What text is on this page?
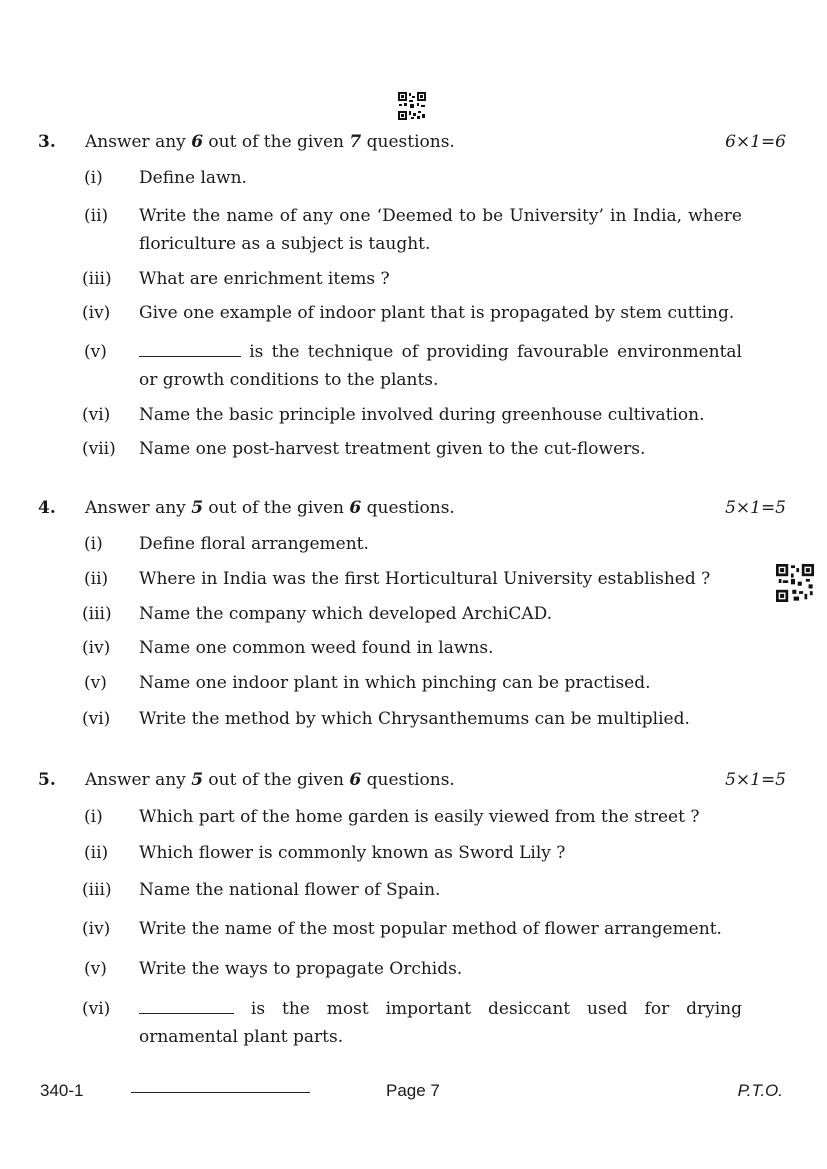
3. Answer any 6 out of the given 7 questions.	6×1=6
(i) Define lawn.
(ii) Write the name of any one ‘Deemed to be University’ in India, where
floriculture as a subject is taught.
(iii) What are enrichment items ?
(iv) Give one example of indoor plant that is propagated by stem cutting.
(v)	is the technique of providing favourable environmental
or growth conditions to the plants.
(vi) Name the basic principle involved during greenhouse cultivation.
(vii) Name one post-harvest treatment given to the cut-flowers.
4. Answer any 5 out of the given 6 questions.	5×1=5
(i) Define floral arrangement.
(ii) Where in India was the first Horticultural University established ?
(iii) Name the company which developed ArchiCAD.
(iv) Name one common weed found in lawns.
(v) Name one indoor plant in which pinching can be practised.
(vi) Write the method by which Chrysanthemums can be multiplied.
5. Answer any 5 out of the given 6 questions.	5×1=5
(i) Which part of the home garden is easily viewed from the street ?
(ii) Which flower is commonly known as Sword Lily ?
(iii) Name the national flower of Spain.
(iv) Write the name of the most popular method of flower arrangement.
(v) Write the ways to propagate Orchids.
(vi)	is the most important desiccant used for drying
ornamental plant parts.
340-1	Page 7	P.T.O.
